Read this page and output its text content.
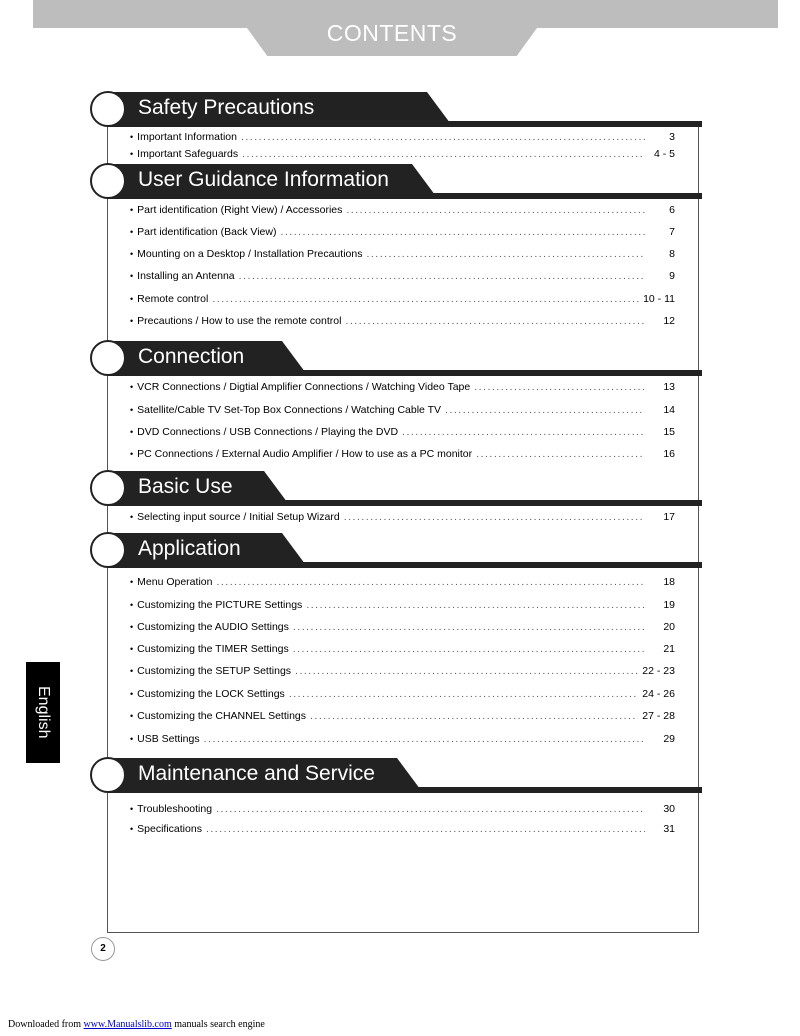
CONTENTS
Safety Precautions
• Important Information .....	3
• Important Safeguards .....	4 - 5
User Guidance Information
• Part identification (Right View) / Accessories .....	6
• Part identification (Back View) .....	7
• Mounting on a Desktop / Installation Precautions .....	8
• Installing an Antenna .....	9
• Remote control .....	10 - 11
• Precautions / How to use the remote control .....	12
Connection
• VCR Connections / Digtial Amplifier Connections / Watching Video Tape .....	13
• Satellite/Cable TV Set-Top Box Connections / Watching Cable TV .....	14
• DVD Connections / USB Connections / Playing the DVD .....	15
• PC Connections / External Audio Amplifier / How to use as a PC monitor .....	16
Basic Use
• Selecting input source / Initial Setup Wizard .....	17
Application
• Menu Operation .....	18
• Customizing the PICTURE Settings .....	19
• Customizing the AUDIO Settings .....	20
• Customizing the TIMER Settings .....	21
• Customizing the SETUP Settings .....	22 - 23
• Customizing the LOCK Settings .....	24 - 26
• Customizing the CHANNEL Settings .....	27 - 28
• USB Settings .....	29
Maintenance and Service
• Troubleshooting .....	30
• Specifications .....	31
English
2
Downloaded from www.Manualslib.com manuals search engine
